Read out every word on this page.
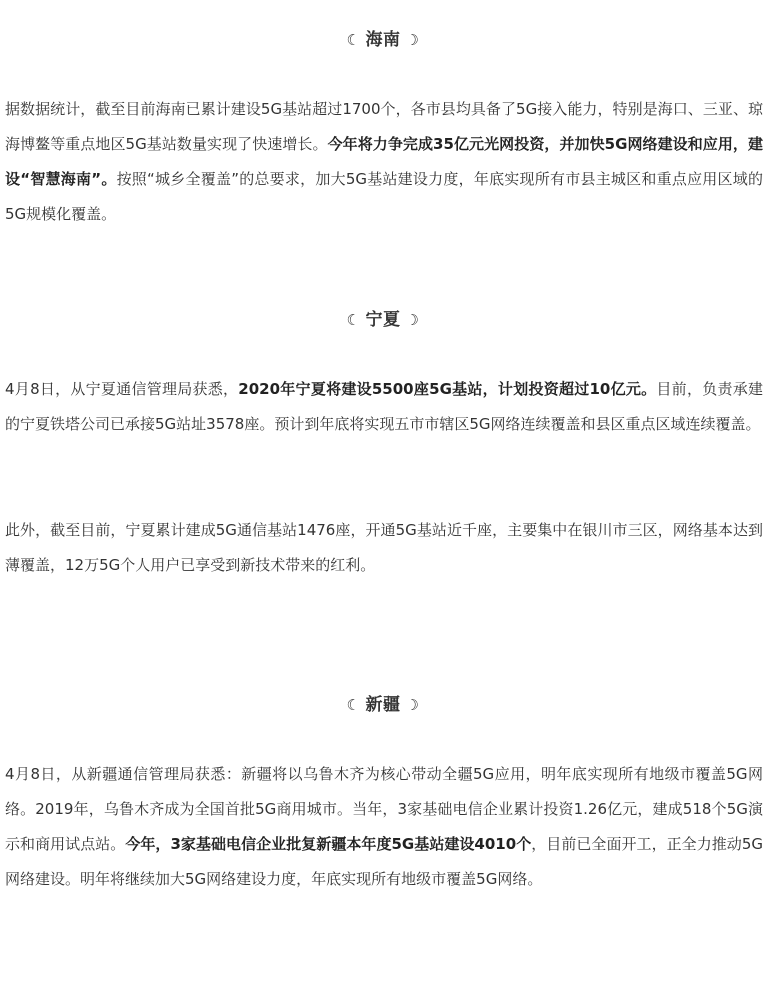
☾ 海南 ☽

据数据统计，截至目前海南已累计建设5G基站超过1700个，各市县均具备了5G接入能力，特别是海口、三亚、琼海博鳌等重点地区5G基站数量实现了快速增长。今年将力争完成35亿元光网投资，并加快5G网络建设和应用，建设“智慧海南”。按照“城乡全覆盖”的总要求，加大5G基站建设力度，年底实现所有市县主城区和重点应用区域的5G规模化覆盖。

☾ 宁夏 ☽

4月8日，从宁夏通信管理局获悉，2020年宁夏将建设5500座5G基站，计划投资超过10亿元。目前，负责承建的宁夏铁塔公司已承接5G站址3578座。预计到年底将实现五市市辖区5G网络连续覆盖和县区重点区域连续覆盖。

此外，截至目前，宁夏累计建成5G通信基站1476座，开通5G基站近千座，主要集中在银川市三区，网络基本达到薄覆盖，12万5G个人用户已享受到新技术带来的红利。

☾ 新疆 ☽

4月8日，从新疆通信管理局获悉：新疆将以乌鲁木齐为核心带动全疆5G应用，明年底实现所有地级市覆盖5G网络。2019年，乌鲁木齐成为全国首批5G商用城市。当年，3家基础电信企业累计投资1.26亿元，建成518个5G演示和商用试点站。今年，3家基础电信企业批复新疆本年度5G基站建设4010个，目前已全面开工，正全力推动5G网络建设。明年将继续加大5G网络建设力度，年底实现所有地级市覆盖5G网络。
